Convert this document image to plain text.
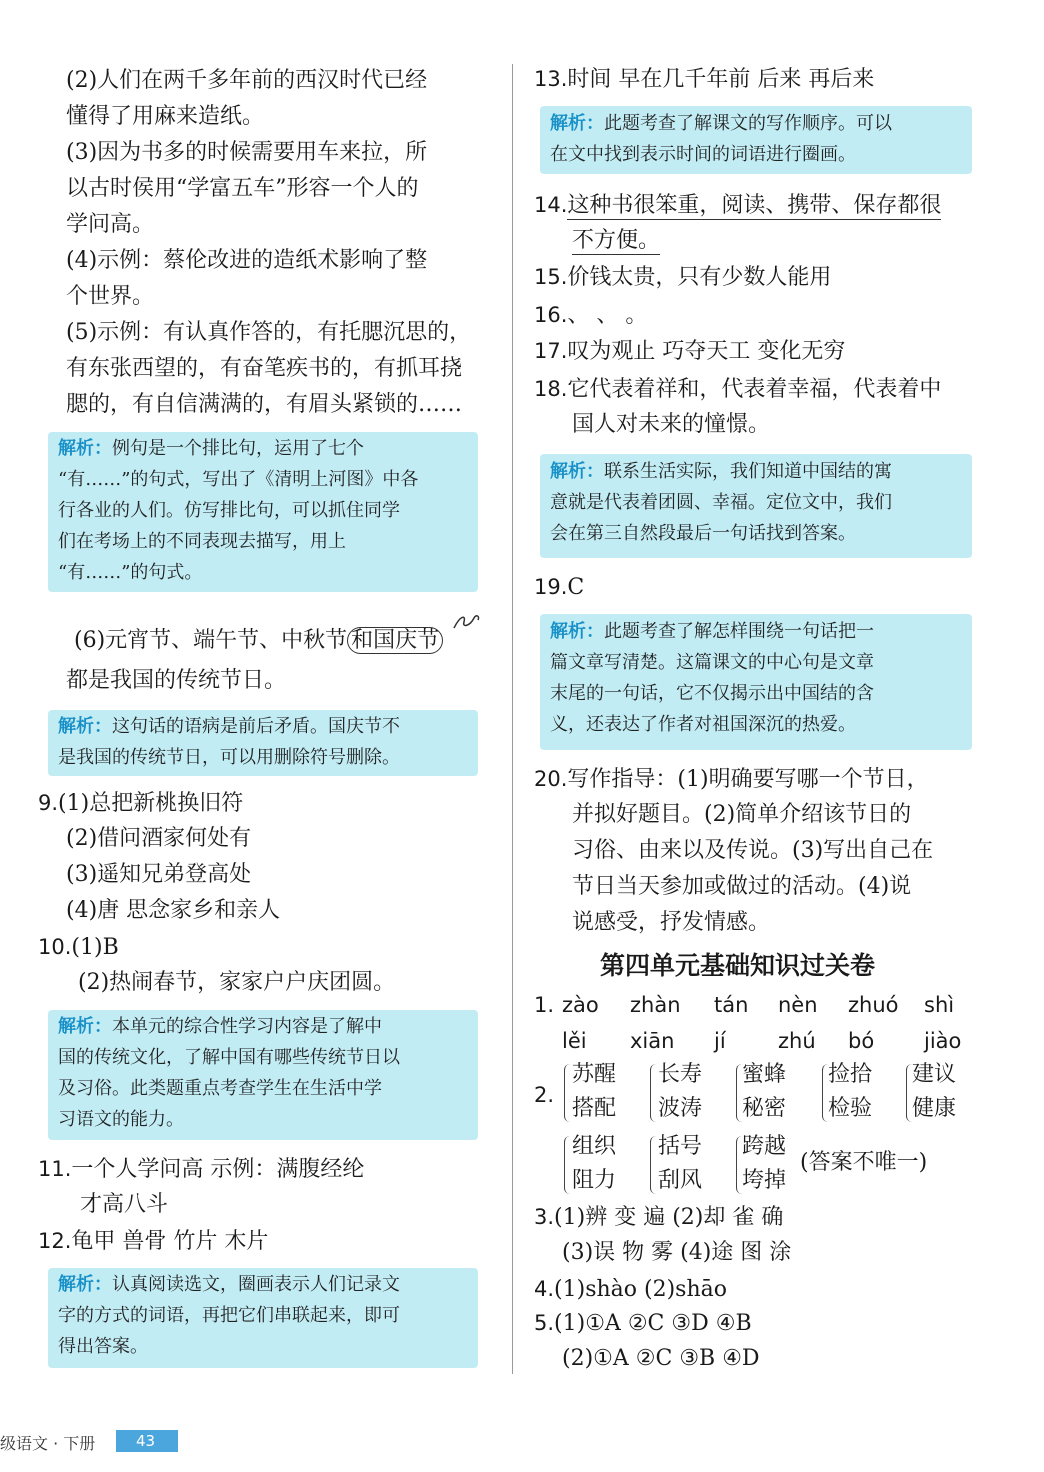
(2)人们在两千多年前的西汉时代已经
懂得了用麻来造纸。
(3)因为书多的时候需要用车来拉，所
以古时侯用“学富五车”形容一个人的
学问高。
(4)示例：蔡伦改进的造纸术影响了整
个世界。
(5)示例：有认真作答的，有托腮沉思的，
有东张西望的，有奋笔疾书的，有抓耳挠
腮的，有自信满满的，有眉头紧锁的……
解析：例句是一个排比句，运用了七个
“有……”的句式，写出了《清明上河图》中各
行各业的人们。仿写排比句，可以抓住同学
们在考场上的不同表现去描写，用上
“有……”的句式。
(6)元宵节、端午节、中秋节 和国庆节
都是我国的传统节日。
解析：这句话的语病是前后矛盾。国庆节不
是我国的传统节日，可以用删除符号删除。
9.(1)总把新桃换旧符
(2)借问酒家何处有
(3)遥知兄弟登高处
(4)唐 思念家乡和亲人
10.(1)B
(2)热闹春节，家家户户庆团圆。
解析：本单元的综合性学习内容是了解中
国的传统文化，了解中国有哪些传统节日以
及习俗。此类题重点考查学生在生活中学
习语文的能力。
11.一个人学问高 示例：满腹经纶
才高八斗
12.龟甲 兽骨 竹片 木片
解析：认真阅读选文，圈画表示人们记录文
字的方式的词语，再把它们串联起来，即可
得出答案。
13.时间 早在几千年前 后来 再后来
解析：此题考查了解课文的写作顺序。可以
在文中找到表示时间的词语进行圈画。
14.这种书很笨重，阅读、携带、保存都很
不方便。
15.价钱太贵，只有少数人能用
16.、 、 。
17.叹为观止 巧夺天工 变化无穷
18.它代表着祥和，代表着幸福，代表着中
国人对未来的憧憬。
解析：联系生活实际，我们知道中国结的寓
意就是代表着团圆、幸福。定位文中，我们
会在第三自然段最后一句话找到答案。
19.C
解析：此题考查了解怎样围绕一句话把一
篇文章写清楚。这篇课文的中心句是文章
末尾的一句话，它不仅揭示出中国结的含
义，还表达了作者对祖国深沉的热爱。
20.写作指导：(1)明确要写哪一个节日，
并拟好题目。(2)简单介绍该节日的
习俗、由来以及传说。(3)写出自己在
节日当天参加或做过的活动。(4)说
说感受，抒发情感。
第四单元基础知识过关卷
1. zào zhàn tán nèn zhuó shì
lěi xiān jí zhú bó jiào
2.
苏醒
搭配
长寿
波涛
蜜蜂
秘密
捡拾
检验
建议
健康
组织
阻力
括号
刮风
跨越
垮掉
(答案不唯一)
3.(1)辨 变 遍 (2)却 雀 确
(3)误 物 雾 (4)途 图 涂
4.(1)shào (2)shāo
5.(1)①A ②C ③D ④B
(2)①A ②C ③B ④D
级语文 · 下册	43
